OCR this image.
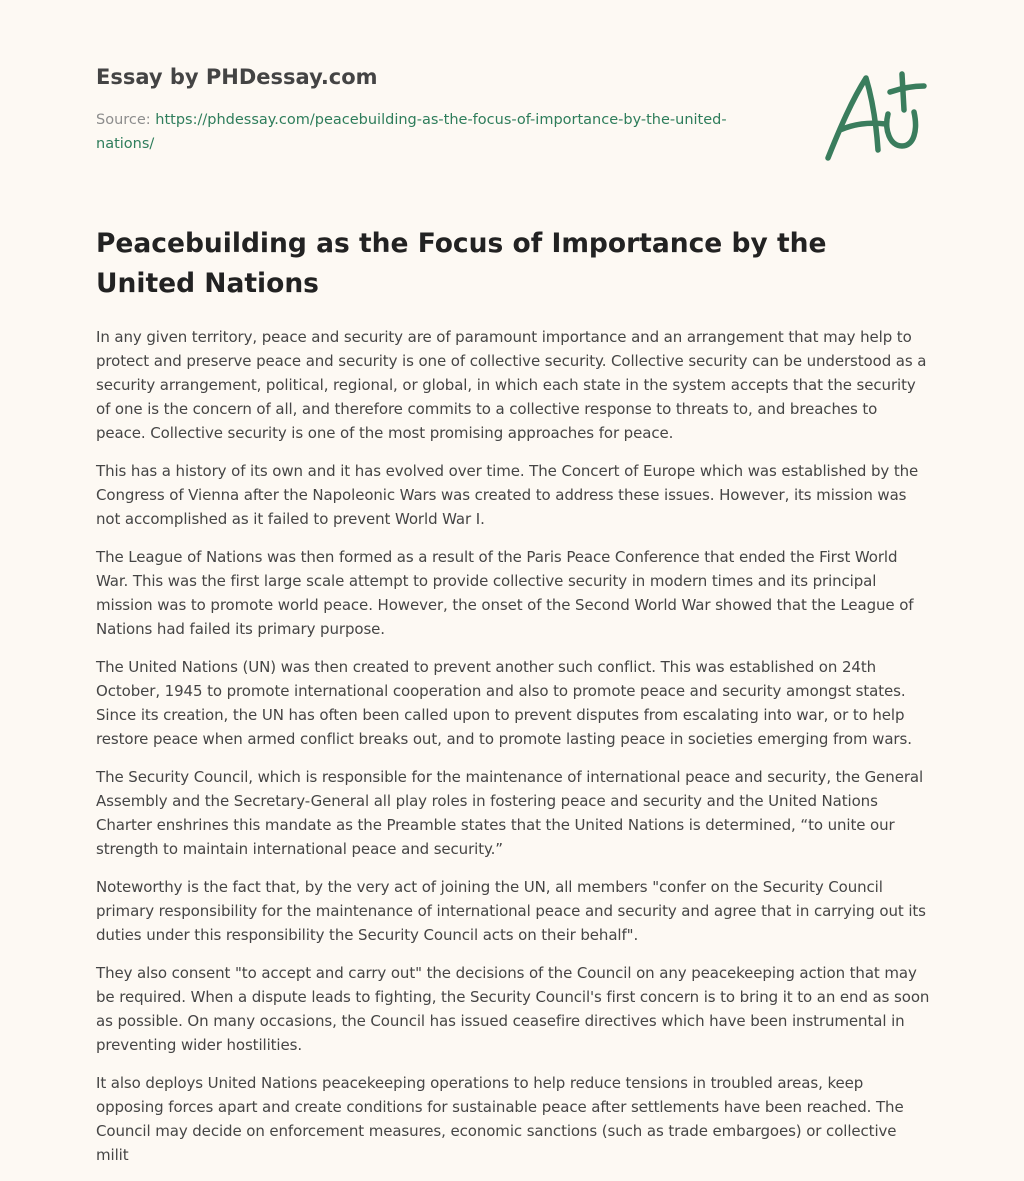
Essay by PHDessay.com
Source: https://phdessay.com/peacebuilding-as-the-focus-of-importance-by-the-united-nations/
Peacebuilding as the Focus of Importance by the United Nations

In any given territory, peace and security are of paramount importance and an arrangement that may help to protect and preserve peace and security is one of collective security. Collective security can be understood as a security arrangement, political, regional, or global, in which each state in the system accepts that the security of one is the concern of all, and therefore commits to a collective response to threats to, and breaches to peace. Collective security is one of the most promising approaches for peace.

This has a history of its own and it has evolved over time. The Concert of Europe which was established by the Congress of Vienna after the Napoleonic Wars was created to address these issues. However, its mission was not accomplished as it failed to prevent World War I.

The League of Nations was then formed as a result of the Paris Peace Conference that ended the First World War. This was the first large scale attempt to provide collective security in modern times and its principal mission was to promote world peace. However, the onset of the Second World War showed that the League of Nations had failed its primary purpose.

The United Nations (UN) was then created to prevent another such conflict. This was established on 24th October, 1945 to promote international cooperation and also to promote peace and security amongst states. Since its creation, the UN has often been called upon to prevent disputes from escalating into war, or to help restore peace when armed conflict breaks out, and to promote lasting peace in societies emerging from wars.

The Security Council, which is responsible for the maintenance of international peace and security, the General Assembly and the Secretary-General all play roles in fostering peace and security and the United Nations Charter enshrines this mandate as the Preamble states that the United Nations is determined, “to unite our strength to maintain international peace and security.”

Noteworthy is the fact that, by the very act of joining the UN, all members "confer on the Security Council primary responsibility for the maintenance of international peace and security and agree that in carrying out its duties under this responsibility the Security Council acts on their behalf".

They also consent "to accept and carry out" the decisions of the Council on any peacekeeping action that may be required. When a dispute leads to fighting, the Security Council's first concern is to bring it to an end as soon as possible. On many occasions, the Council has issued ceasefire directives which have been instrumental in preventing wider hostilities.

It also deploys United Nations peacekeeping operations to help reduce tensions in troubled areas, keep opposing forces apart and create conditions for sustainable peace after settlements have been reached. The Council may decide on enforcement measures, economic sanctions (such as trade embargoes) or collective milit
